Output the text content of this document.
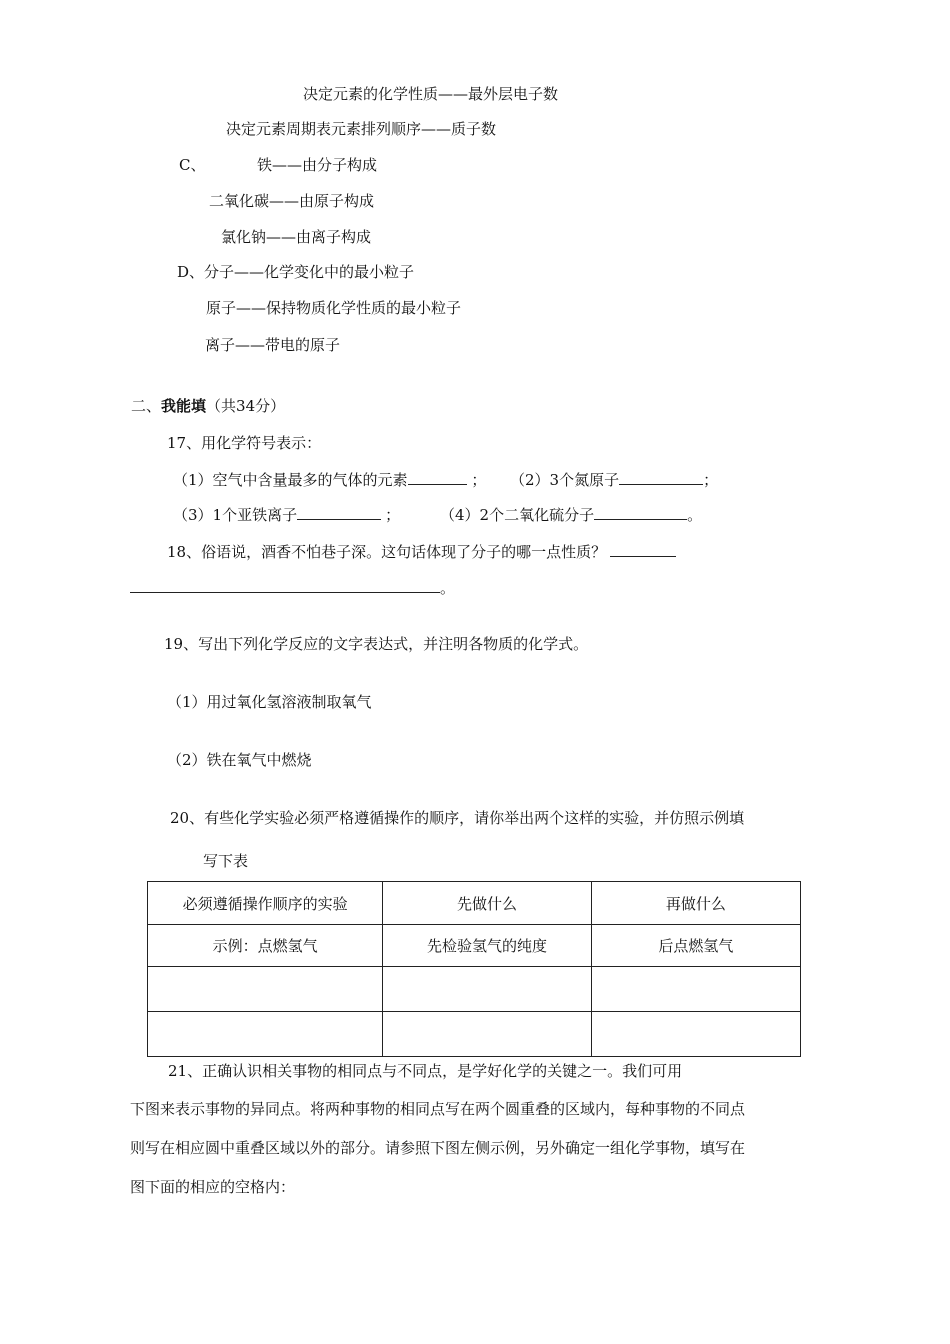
决定元素的化学性质——最外层电子数
决定元素周期表元素排列顺序——质子数
C、	铁——由分子构成
二氧化碳——由原子构成
氯化钠——由离子构成
D、分子——化学变化中的最小粒子
原子——保持物质化学性质的最小粒子
离子——带电的原子
二、我能填（共34分）
17、用化学符号表示：
（1）空气中含量最多的气体的元素	； （2）3个氮原子	；
（3）1个亚铁离子	；	（4）2个二氧化硫分子	。
18、俗语说，酒香不怕巷子深。这句话体现了分子的哪一点性质？
。
19、写出下列化学反应的文字表达式，并注明各物质的化学式。
（1）用过氧化氢溶液制取氧气
（2）铁在氧气中燃烧
20、有些化学实验必须严格遵循操作的顺序，请你举出两个这样的实验，并仿照示例填
写下表
必须遵循操作顺序的实验	先做什么	再做什么
示例：点燃氢气	先检验氢气的纯度	后点燃氢气

21、正确认识相关事物的相同点与不同点，是学好化学的关键之一。我们可用
下图来表示事物的异同点。将两种事物的相同点写在两个圆重叠的区域内，每种事物的不同点
则写在相应圆中重叠区域以外的部分。请参照下图左侧示例，另外确定一组化学事物，填写在
图下面的相应的空格内：
